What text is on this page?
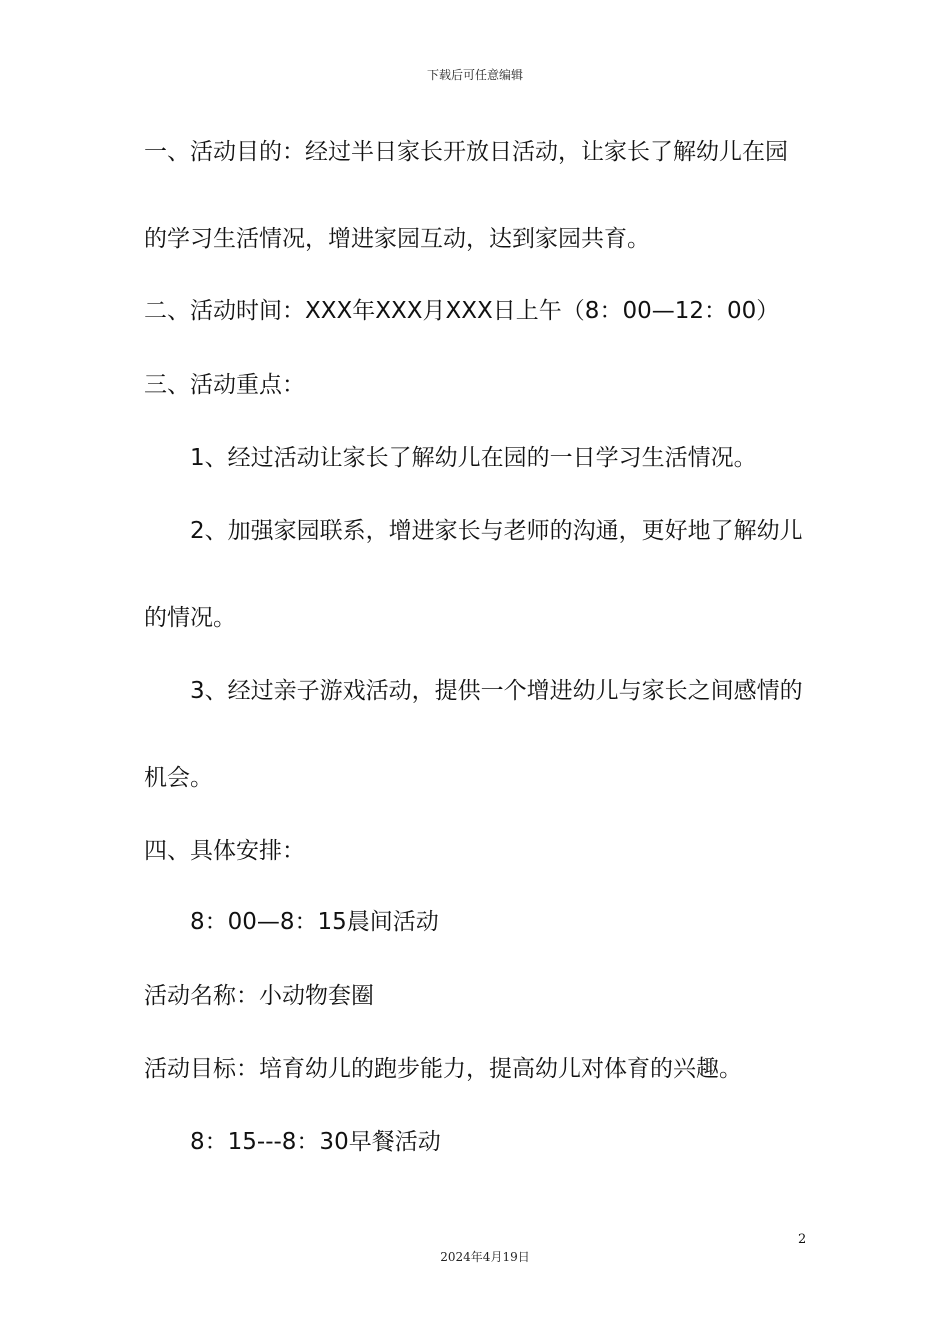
下载后可任意编辑
一、活动目的：经过半日家长开放日活动，让家长了解幼儿在园
的学习生活情况，增进家园互动，达到家园共育。
二、活动时间：XXX年XXX月XXX日上午（8：00—12：00）
三、活动重点：
1、经过活动让家长了解幼儿在园的一日学习生活情况。
2、加强家园联系，增进家长与老师的沟通，更好地了解幼儿
的情况。
3、经过亲子游戏活动，提供一个增进幼儿与家长之间感情的
机会。
四、具体安排：
8：00—8：15晨间活动
活动名称：小动物套圈
活动目标：培育幼儿的跑步能力，提高幼儿对体育的兴趣。
8：15---8：30早餐活动
2
2024年4月19日
